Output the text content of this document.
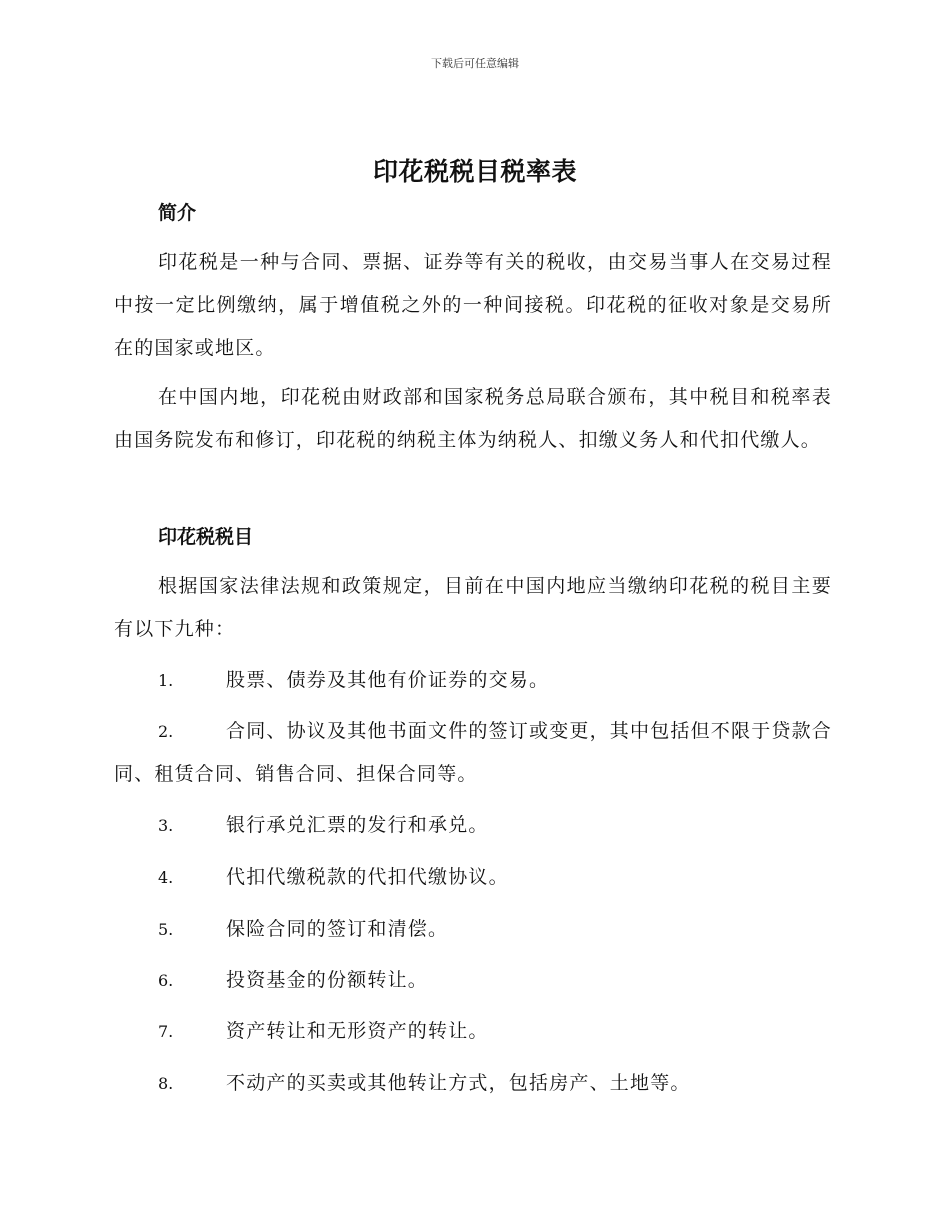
下载后可任意编辑
印花税税目税率表
简介

印花税是一种与合同、票据、证券等有关的税收，由交易当事人在交易过程中按一定比例缴纳，属于增值税之外的一种间接税。印花税的征收对象是交易所在的国家或地区。

在中国内地，印花税由财政部和国家税务总局联合颁布，其中税目和税率表由国务院发布和修订，印花税的纳税主体为纳税人、扣缴义务人和代扣代缴人。

印花税税目

根据国家法律法规和政策规定，目前在中国内地应当缴纳印花税的税目主要有以下九种：

1.	股票、债券及其他有价证券的交易。

2.	合同、协议及其他书面文件的签订或变更，其中包括但不限于贷款合同、租赁合同、销售合同、担保合同等。

3.	银行承兑汇票的发行和承兑。

4.	代扣代缴税款的代扣代缴协议。

5.	保险合同的签订和清偿。

6.	投资基金的份额转让。

7.	资产转让和无形资产的转让。

8.	不动产的买卖或其他转让方式，包括房产、土地等。
